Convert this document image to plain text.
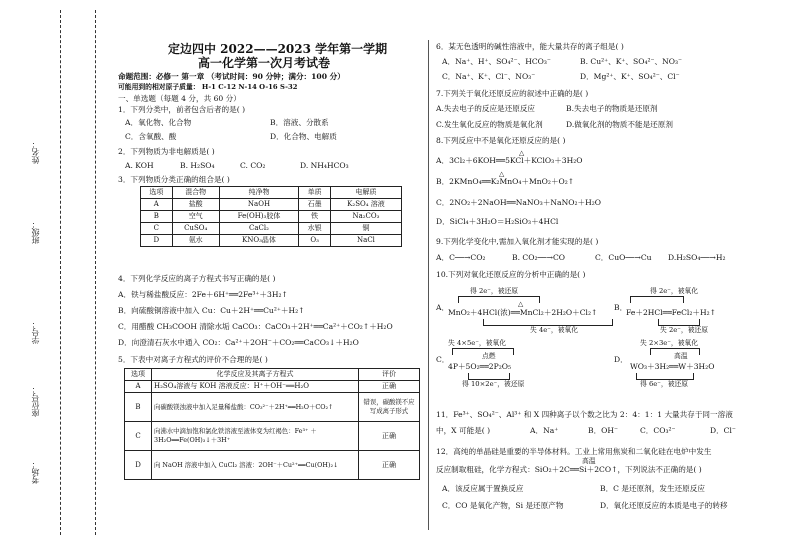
姓名：
班级：
学号：
座位号：
考场：
定边四中 2022——2023 学年第一学期
高一化学第一次月考试卷
命题范围：必修一 第一章 （考试时间：90 分钟；满分：100 分）
可能用到的相对原子质量： H-1 C-12 N-14 O-16 S-32
一、单选题（每题 4 分，共 60 分）
1．下列分类中，前者包含后者的是( )
A．氧化物、化合物	B．溶液、分散系
C．含氧酸、酸	D．化合物、电解质
2．下列物质为非电解质是( )
A. KOH	B. H₂SO₄	C. CO₂	D. NH₄HCO₃
3．下列物质分类正确的组合是( )
选项	混合物	纯净物	单质	电解质
A	盐酸	NaOH	石墨	K₂SO₄ 溶液
B	空气	Fe(OH)₃胶体	铁	Na₂CO₃
C	CuSO₄	CaCl₂	水银	铜
D	氨水	KNO₃晶体	O₃	NaCl
4．下列化学反应的离子方程式书写正确的是( )
A．铁与稀盐酸反应：2Fe＋6H⁺══2Fe³⁺＋3H₂↑
B．向硫酸铜溶液中加入 Cu：Cu＋2H⁺══Cu²⁺＋H₂↑
C．用醋酸 CH₃COOH 清除水垢 CaCO₃：CaCO₃＋2H⁺══Ca²⁺＋CO₂↑＋H₂O
D．向澄清石灰水中通入 CO₂：Ca²⁺＋2OH⁻＋CO₂══CaCO₃↓＋H₂O
5．下表中对离子方程式的评价不合理的是( )
选项	化学反应及其离子方程式	评价
A	H₂SO₄溶液与 KOH 溶液反应：H⁺＋OH⁻══H₂O	正确
B	向碳酸镁浊液中加入足量稀盐酸：CO₃²⁻＋2H⁺══H₂O＋CO₂↑	错误，碳酸镁不应写成离子形式
C	向沸水中滴加饱和氯化铁溶液至液体变为红褐色：Fe³⁺ ＋3H₂O══Fe(OH)₃↓＋3H⁺	正确
D	向 NaOH 溶液中加入 CuCl₂ 溶液：2OH⁻＋Cu²⁺══Cu(OH)₂↓	正确
6．某无色透明的碱性溶液中，能大量共存的离子组是( )
A．Na⁺、H⁺、SO₄²⁻、HCO₃⁻	B. Cu²⁺、K⁺、SO₄²⁻、NO₃⁻
C．Na⁺、K⁺、Cl⁻、NO₃⁻	D．Mg²⁺、K⁺、SO₄²⁻、Cl⁻
7.下列关于氧化还原反应的叙述中正确的是( )
A.失去电子的反应是还原反应	B.失去电子的物质是还原剂
C.发生氧化反应的物质是氧化剂	D.做氧化剂的物质不能是还原剂
8.下列反应中不是氧化还原反应的是( )
A．3Cl₂＋6KOH══5KCl＋KClO₃＋3H₂O
△
B．2KMnO₄══K₂MnO₄＋MnO₂＋O₂↑
△
C．2NO₂＋2NaOH══NaNO₃＋NaNO₂＋H₂O
D．SiCl₄＋3H₂O＝H₂SiO₃＋4HCl
9.下列化学变化中,需加入氧化剂才能实现的是( )
A．C──→CO₂	B. CO₂──→CO	C．CuO──→Cu D.H₂SO₄──→H₂
10.下列对氧化还原反应的分析中正确的是( )
A．
得 2e⁻，被还原
△
MnO₂＋4HCl(浓)══MnCl₂＋2H₂O＋Cl₂↑
失 4e⁻，被氧化
B．
得 2e⁻，被氧化
Fe＋2HCl══FeCl₂＋H₂↑
失 2e⁻，被还原
C．
失 4×5e⁻，被氧化
点燃
4P＋5O₂══2P₂O₅
得 10×2e⁻，被还原
D．
失 2×3e⁻，被氧化
高温
WO₃＋3H₂══W＋3H₂O
得 6e⁻，被还原
11．Fe³⁺、SO₄²⁻、Al³⁺ 和 X 四种离子以个数之比为 2：4：1：1 大量共存于同一溶液
中，X 可能是( )	A．Na⁺	B．OH⁻	C．CO₃²⁻	D．Cl⁻
12．高纯的单晶硅是重要的半导体材料。工业上常用焦炭和二氧化硅在电炉中发生
高温
反应制取粗硅，化学方程式：SiO₂＋2C══Si＋2CO↑，下列说法不正确的是( )
A．该反应属于置换反应	B．C 是还原剂，发生还原反应
C．CO 是氧化产物，Si 是还原产物	D．氧化还原反应的本质是电子的转移
